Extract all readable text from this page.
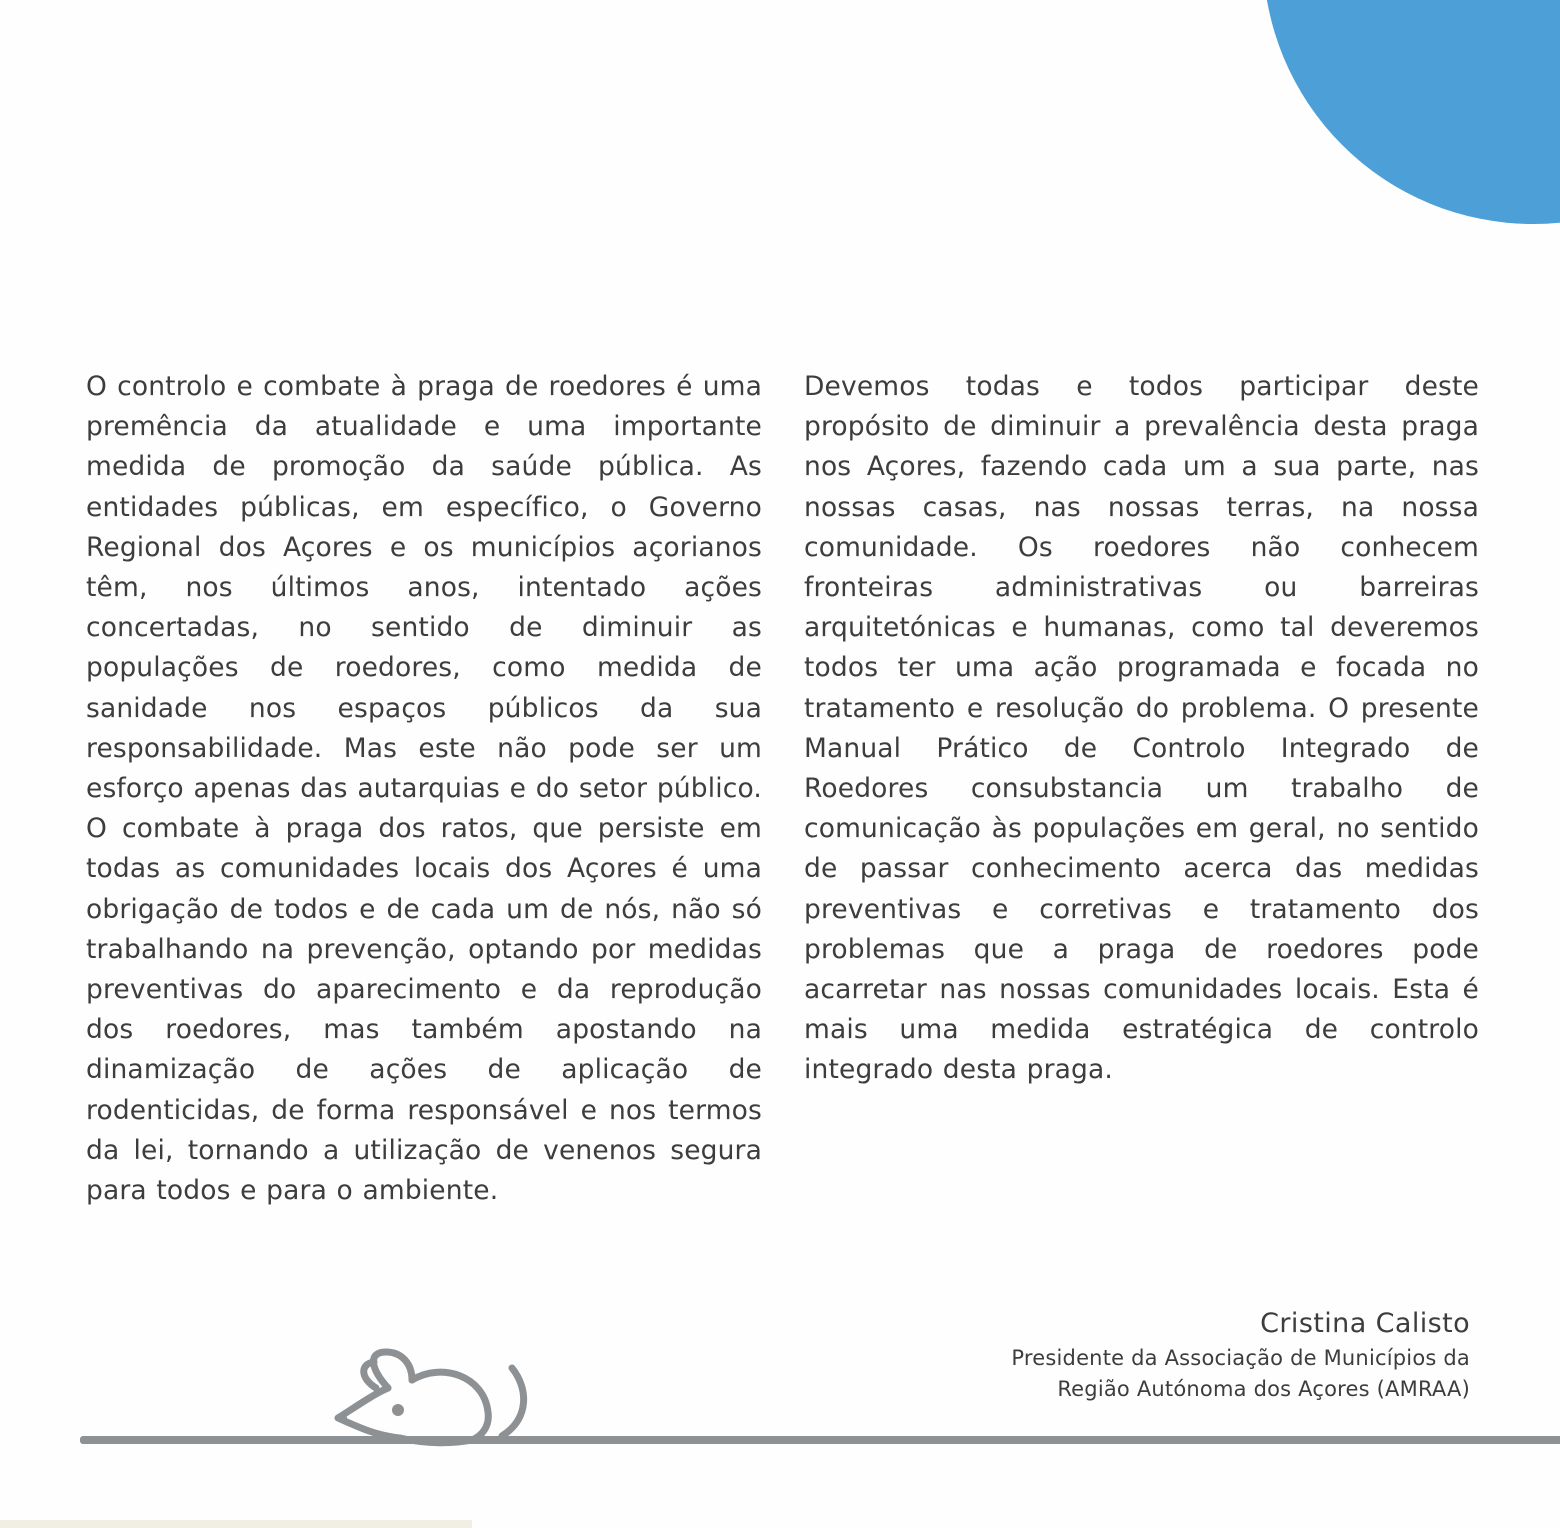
O controlo e combate à praga de roedores é uma premência da atualidade e uma importante medida de promoção da saúde pública. As entidades públicas, em específico, o Governo Regional dos Açores e os municípios açorianos têm, nos últimos anos, intentado ações concertadas, no sentido de diminuir as populações de roedores, como medida de sanidade nos espaços públicos da sua responsabilidade. Mas este não pode ser um esforço apenas das autarquias e do setor público. O combate à praga dos ratos, que persiste em todas as comunidades locais dos Açores é uma obrigação de todos e de cada um de nós, não só trabalhando na prevenção, optando por medidas preventivas do aparecimento e da reprodução dos roedores, mas também apostando na dinamização de ações de aplicação de rodenticidas, de forma responsável e nos termos da lei, tornando a utilização de venenos segura para todos e para o ambiente.
Devemos todas e todos participar deste propósito de diminuir a prevalência desta praga nos Açores, fazendo cada um a sua parte, nas nossas casas, nas nossas terras, na nossa comunidade. Os roedores não conhecem fronteiras administrativas ou barreiras arquitetónicas e humanas, como tal deveremos todos ter uma ação programada e focada no tratamento e resolução do problema. O presente Manual Prático de Controlo Integrado de Roedores consubstancia um trabalho de comunicação às populações em geral, no sentido de passar conhecimento acerca das medidas preventivas e corretivas e tratamento dos problemas que a praga de roedores pode acarretar nas nossas comunidades locais. Esta é mais uma medida estratégica de controlo integrado desta praga.
Cristina Calisto
Presidente da Associação de Municípios da
Região Autónoma dos Açores (AMRAA)
